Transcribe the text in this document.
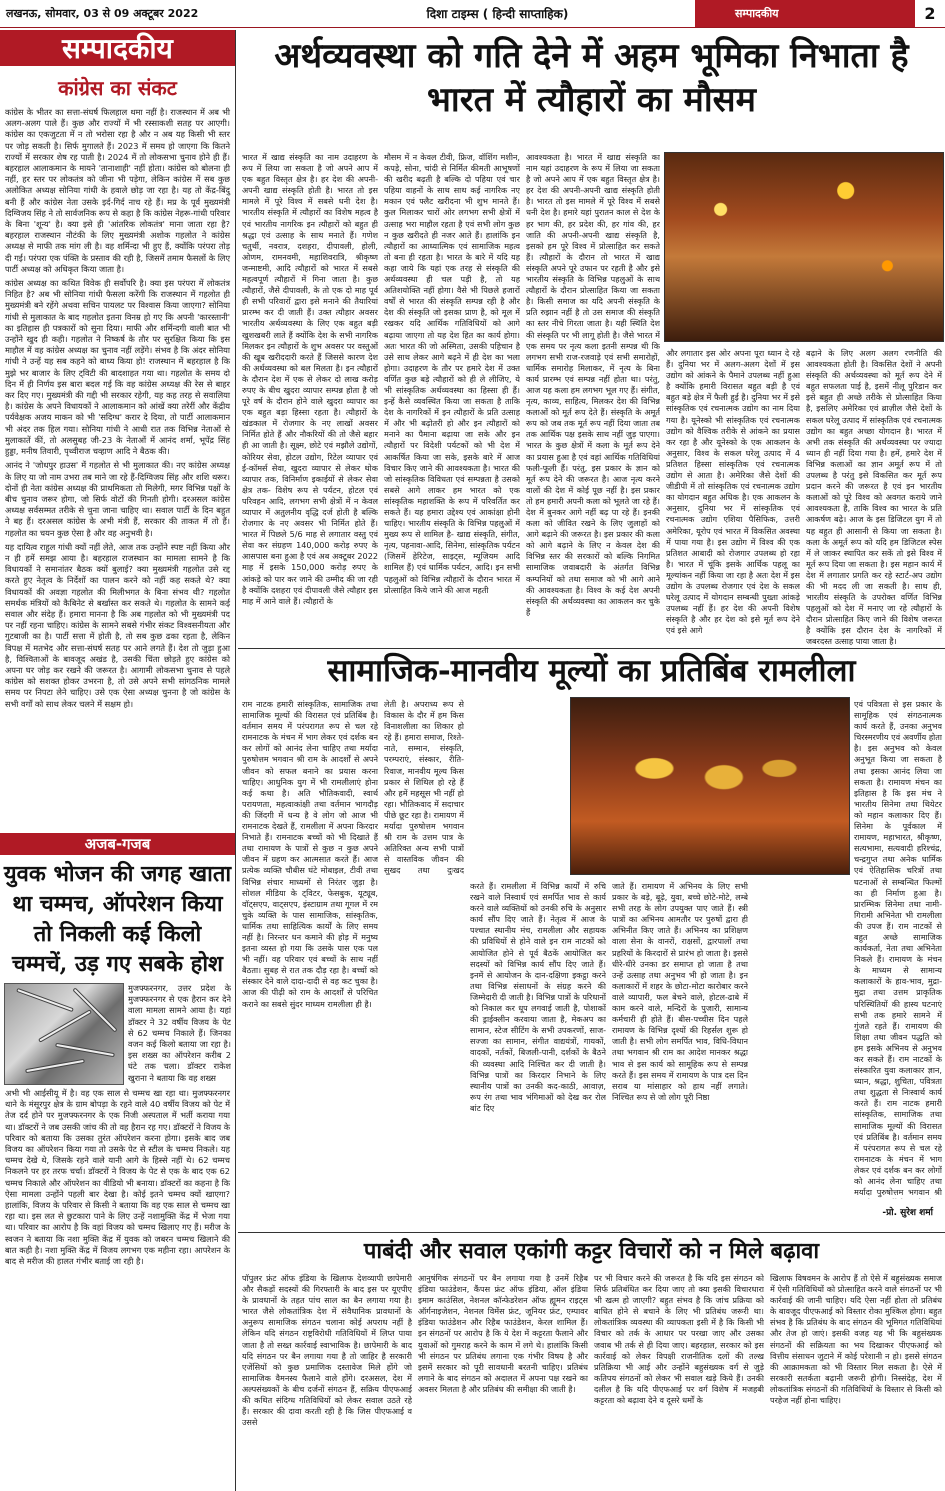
लखनऊ, सोमवार, 03 से 09 अक्टूबर 2022	दिशा टाइम्स ( हिन्दी साप्ताहिक)	सम्पादकीय	2
सम्पादकीय
कांग्रेस का संकट

कांग्रेस के भीतर का सत्ता-संघर्ष फिलहाल थमा नहीं है। राजस्थान में अब भी अलग-अलग पाले हैं। कुछ और राज्यों में भी रस्साकशी सतह पर आएगी। कांग्रेस का एकजुटता में न तो भरोसा रहा है और न अब यह किसी भी स्तर पर जोड़ सकती है। सिर्फ मुगालते हैं। 2023 में समय हो जाएगा कि कितने राज्यों में सरकार शेष रह पाती है। 2024 में तो लोकसभा चुनाव होने ही हैं। बहरहाल आलाकमान के मायने 'तानाशाही' नहीं होता। कांग्रेस को बोलना ही नहीं, हर स्तर पर लोकतंत्र को जीना भी पड़ेगा, लेकिन कांग्रेस में सब कुछ अलोकित अध्यक्ष सोनिया गांधी के हवाले छोड़ जा रहा है। यह तो केंद्र-बिंदु बनी हैं और कांग्रेस नेता उसके इर्द-गिर्द नाच रहे हैं। मप्र के पूर्व मुख्यमंत्री दिग्विजय सिंह ने तो सार्वजनिक रूप से कहा है कि कांग्रेस नेहरू-गांधी परिवार के बिना 'शून्य' है। क्या इसे ही 'आंतरिक लोकतंत्र' माना जाता रहा है? बहरहाल राजस्थान नौटंकी के लिए मुख्यमंत्री अशोक गहलोत ने कांग्रेस अध्यक्ष से माफी तक मांग ली है। वह शर्मिन्दा भी हुए हैं, क्योंकि परंपरा तोड़ दी गई। परंपरा एक पंक्ति के प्रस्ताव की रही है, जिसमें तमाम फैसलों के लिए पार्टी अध्यक्ष को अधिकृत किया जाता है।

कांग्रेस अध्यक्ष का कथित विवेक ही सर्वोपरि है। क्या इस परंपरा में लोकतंत्र निहित है? अब भी सोनिया गांधी फैसला करेंगी कि राजस्थान में गहलोत ही मुख्यमंत्री बने रहेंगे अथवा सचिन पायलट पर विश्वास किया जाएगा? सोनिया गांधी से मुलाकात के बाद गहलोत इतना विनम्र हो गए कि अपनी 'कारस्तानी' का इतिहास ही पत्रकारों को सुना दिया। माफी और शर्मिन्दगी वाली बात भी उन्होंने खुद ही कही। गहलोत ने निष्कर्ष के तौर पर सुरक्षित किया कि इस माहौल में वह कांग्रेस अध्यक्ष का चुनाव नहीं लड़ेंगे। संभव है कि अंदर सोनिया गांधी ने उन्हें यह सब कहने को बाध्य किया हो! राजस्थान में बहरहाल है कि मुझे भर बाजार के लिए ट्विटी की बादशाहत गया था। गहलोत के समय दो दिन में ही निर्णय इस बारा बदल गई कि वह कांग्रेस अध्यक्ष की रेस से बाहर कर दिए गए। मुख्यमंत्री की गद्दी भी सरकार रहेगी, यह कह तरह से सवालिया है। कांग्रेस के अपने विधायकों ने आलाकमान को आंखें क्या तरेरीं और केंद्रीय पर्यवेक्षक अजय माकन को भी 'सदिग्ध' करार दे दिया, तो पार्टी आलाकमान भी अंदर तक हिल गया। सोनिया गांधी ने आधी रात तक विभिन्न नेताओं से मुलाकातें कीं, तो अलसुबह जी-23 के नेताओं में आनंद शर्मा, भूपेंद्र सिंह हुड्डा, मनीष तिवारी, पृथ्वीराज चव्हाण आदि ने बैठक की।

आनंद ने 'जोधपुर हाउस' में गहलोत से भी मुलाकात की। नए कांग्रेस अध्यक्ष के लिए या जो नाम उभरा तब माने जा रहे हैं-दिग्विजय सिंह और शशि थरूर। दोनों ही नेता कांग्रेस अध्यक्ष की प्राथमिकता तो मिलेगी, मगर विभिन्न पक्षों के बीच चुनाव जरूर होगा, जो सिर्फ वोटों की गिनती होगी। दरअसल कांग्रेस अध्यक्ष सर्वसम्मत तरीके से चुना जाना चाहिए था। सवाल पार्टी के दिन बहुत ने बह हैं। दरअसल कांग्रेस के अभी मंत्री हैं, सरकार की ताकत में तो हैं। गहलोत का चयन कुछ ऐसा है और वह अनुभवी है।

यह दायित्व राहुल गांधी क्यों नहीं लेते, आज तक उन्होंने स्पष्ट नहीं किया और न ही हमें समझ आया है। बहरहाल राजस्थान का मामला सामने है कि विधायकों ने समानांतर बैठक क्यों बुलाई? क्या मुख्यमंत्री गहलोत उसे रद्द करते हुए नेतृत्व के निर्देशों का पालन करने को नहीं कह सकते थे? क्या विधायकों की अवज्ञा गहलोत की मिलीभगत के बिना संभव थी? गहलोत समर्थक मंत्रियों को कैबिनेट से बर्खास्त कर सकते थे। गहलोत के सामने कई सवाल और संदेह हैं। हमारा मानना है कि अब गहलोत को भी मुख्यमंत्री पद पर नहीं रहना चाहिए। कांग्रेस के सामने सबसे गंभीर संकट विश्वसनीयता और गुटबाजी का है। पार्टी सत्ता में होती है, तो सब कुछ ढका रहता है, लेकिन विपक्ष में मतभेद और सत्ता-संघर्ष सतह पर आने लगते हैं। देश तो जुड़ा हुआ है, विश्विताओं के बावजूद अखंड है, उसकी चिंता छोड़ते हुए कांग्रेस को अपना घर जोड़ कर रखने की जरूरत है। आगामी लोकसभा चुनाव से पहले कांग्रेस को सशक्त होकर उभरना है, तो उसे अपने सभी सांगठनिक मामले समय पर निपटा लेने चाहिए। उसे एक ऐसा अध्यक्ष चुनना है जो कांग्रेस के सभी वर्गों को साथ लेकर चलने में सक्षम हो।

अजब-गजब
युवक भोजन की जगह खाता था चम्मच, ऑपरेशन किया तो निकली कई किलो चम्मचें, उड़ गए सबके होश

मुजफ्फरनगर, उत्तर प्रदेश के मुजफ्फरनगर से एक हैरान कर देने वाला मामला सामने आया है। यहां डॉक्टर ने 32 वर्षीय विजय के पेट से 62 चम्मच निकाले हैं। जिनका वजन कई किलो बताया जा रहा है। इस शख्स का ऑपरेशन करीब 2 घंटे तक चला। डॉक्टर राकेश खुराना ने बताया कि वह शख्स

अभी भी आईसीयू में है। वह एक साल से चम्मच खा रहा था। मुजफ्फरनगर थाने के मंसूरपुर क्षेत्र के ग्राम बोपड़ा के रहने वाले 40 वर्षीय विजय को पेट में तेज दर्द होने पर मुजफ्फरनगर के एक निजी अस्पताल में भर्ती कराया गया था। डॉक्टरों ने जब उसकी जांच की तो वह हैरान रह गए। डॉक्टरों ने विजय के परिवार को बताया कि उसका तुरंत ऑपरेशन करना होगा। इसके बाद जब विजय का ऑपरेशन किया गया तो उसके पेट से स्टील के चम्मच निकले। यह चम्मच देखे थे, जिसके रहने वाले यानी आगे के हिस्से नहीं थे। 62 चम्मच निकलने पर हर तरफ चर्चा। डॉक्टरों ने विजय के पेट से एक के बाद एक 62 चम्मच निकाले और ऑपरेशन का वीडियो भी बनाया। डॉक्टरों का कहना है कि ऐसा मामला उन्होंने पहली बार देखा है। कोई इतने चम्मच क्यों खाएगा? हालांकि, विजय के परिवार से किसी ने बताया कि वह एक साल से चम्मच खा रहा था। इस लत से छुटकारा पाने के लिए उन्हें नशामुक्ति केंद्र में भेजा गया था। परिवार का आरोप है कि वहां विजय को चम्मच खिलाए गए हैं। मरीज के स्वजन ने बताया कि नशा मुक्ति केंद्र में युवक को जबरन चम्मच खिलाने की बात कही है। नशा मुक्ति केंद्र में विजय लगभग एक महीना रहा। आपरेशन के बाद से मरीज की हालत गंभीर बताई जा रही है।

अर्थव्यवस्था को गति देने में अहम भूमिका निभाता है
भारत में त्यौहारों का मौसम
भारत में खाद्य संस्कृति का नाम उदाहरण के रूप में लिया जा सकता है जो अपने आप में एक बहुत विस्तृत क्षेत्र है। हर देश की अपनी-अपनी खाद्य संस्कृति होती है। भारत तो इस मामले में पूरे विश्व में सबसे धनी देश है। भारतीय संस्कृति में त्यौहारों का विशेष महत्व है एवं भारतीय नागरिक इन त्यौहारों को बहुत ही श्रद्धा एवं उत्साह के साथ मनाते हैं। गणेश चतुर्थी, नवरात्र, दशहरा, दीपावली, होली, ओणम, रामनवमी, महाशिवरात्रि, श्रीकृष्ण जन्माष्टमी, आदि त्यौहारों को भारत में सबसे महत्वपूर्ण त्यौहारों में गिना जाता है। कुछ त्यौहारों, जैसे दीपावली, के तो एक दो माह पूर्व ही सभी परिवारों द्वारा इसे मनाने की तैयारियां प्रारम्भ कर दी जाती हैं। उक्त त्यौहार अवसर भारतीय अर्थव्यवस्था के लिए एक बहुत बड़ी खुशखबरी लाते हैं क्योंकि देश के सभी नागरिक मिलकर इन त्यौहारों के शुभ अवसर पर वस्तुओं की खूब खरीददारी करते हैं जिससे कारण देश की अर्थव्यवस्था को बल मिलता है। इन त्यौहारों के दौरान देश में एक से लेकर दो लाख करोड़ रुपए के बीच खुदरा व्यापार सम्पन्न होता है जो पूरे वर्ष के दौरान होने वाले खुदरा व्यापार का एक बहुत बड़ा हिस्सा रहता है। त्यौहारों के खंडकाल में रोजगार के नए लाखों अवसर निर्मित होते हैं और नौकरियों की तो जैसे बहार ही आ जाती है। सूक्ष्म, छोटे एवं मझौले उद्योगों, कोरियर सेवा, होटल उद्योग, रिटेल व्यापार एवं ई-कॉमर्स सेवा, खुदरा व्यापार से लेकर थोक व्यापार तक, विनिर्माण इकाईयों से लेकर सेवा क्षेत्र तक- विशेष रूप से पर्यटन, होटल एवं परिवहन आदि, लगभग सभी क्षेत्रों में न केवल व्यापार में अतुलनीय वृद्धि दर्ज होती है बल्कि रोजगार के नए अवसर भी निर्मित होते हैं। भारत में पिछले 5/6 माह से लगातार वस्तु एवं सेवा कर संग्रहण 140,000 करोड़ रुपए के आसपास बना हुआ है एवं अब अक्टूबर 2022 माह में इसके 150,000 करोड़ रुपए के आंकड़े को पार कर जाने की उम्मीद की जा रही है क्योंकि दशहरा एवं दीपावली जैसे त्यौहार इस माह में आने वाले हैं। त्यौहारों के
मौसम में न केवल टीवी, फ्रिज, वॉशिंग मशीन, कपड़े, सोना, चांदी से निर्मित कीमती आभूषणों की खरीद बढ़ती है बल्कि दो पहिया एवं चार पहिया वाहनों के साथ साथ कई नागरिक नए मकान एवं फ्लैट खरीदना भी शुभ मानते हैं। कुल मिलाकर चारों ओर लगभग सभी क्षेत्रों में उत्साह भरा माहौल रहता है एवं सभी लोग कुछ न कुछ खरीदते ही नजर आते हैं। हालांकि इन त्यौहारों का आध्यात्मिक एवं सामाजिक महत्व तो बना ही रहता है। भारत के बारे में यदि यह कहा जाये कि यहां एक तरह से संस्कृति की अर्थव्यवस्था ही चल पड़ी है, तो यह अतिशयोक्ति नहीं होगा। वैसे भी पिछले हजारों वर्षों से भारत की संस्कृति सम्पन्न रही है और देश की संस्कृति जो इसका प्राण है, को मूल में रखकर यदि आर्थिक गतिविधियों को आगे बढ़ाया जाएगा तो यह देश हित का कार्य होगा। अतः भारत की जो अस्मिता, उसकी पहिचान है उसे साथ लेकर आगे बढ़ने में ही देश का भला होगा। उदाहरण के तौर पर हमारे देश में उक्त वर्णित कुछ बड़े त्यौहारों को ही ले लीजिए, ये भी सांस्कृतिक अर्थव्यवस्था का हिस्सा ही हैं। इन्हें कैसे व्यवस्थित किया जा सकता है ताकि देश के नागरिकों में इन त्यौहारों के प्रति उत्साह में और भी बढ़ोतरी हो और इन त्यौहारों को मनाने का पैमाना बढ़ाया जा सके और इन त्यौहारों पर विदेशी पर्यटकों को भी देश में आकर्षित किया जा सके, इसके बारे में आज विचार किए जाने की आवश्यकता है। भारत की जो सांस्कृतिक विविधता एवं सम्पन्नता है उसको सबसे आगे लाकर हम भारत को एक सांस्कृतिक महाशक्ति के रूप में परिवर्तित कर सकते हैं। यह हमारा उद्देश्य एवं आकांक्षा होनी चाहिए। भारतीय संस्कृति के विभिन्न पहलुओं में मुख्य रूप से शामिल है- खाद्य संस्कृति, संगीत, नृत्य, पहनावा-आदि, सिनेमा, सांस्कृतिक पर्यटन (जिसमें हेरिटेज, साइट्स, म्यूजियम आदि शामिल हैं) एवं धार्मिक पर्यटन, आदि। इन सभी पहलुओं को विभिन्न त्यौहारों के दौरान भारत में प्रोत्साहित किये जाने की आज महती
आवश्यकता है। भारत में खाद्य संस्कृति का नाम यहां उदाहरण के रूप में लिया जा सकता है जो अपने आप में एक बहुत विस्तृत क्षेत्र है। हर देश की अपनी-अपनी खाद्य संस्कृति होती है। भारत तो इस मामले में पूरे विश्व में सबसे धनी देश है। हमारे यहां पुरातन काल से देश के हर भाग की, हर प्रदेश की, हर गांव की, हर जाति की अपनी-अपनी खाद्य संस्कृति है, इसको हम पूरे विश्व में प्रोत्साहित कर सकते हैं। त्यौहारों के दौरान तो भारत में खाद्य संस्कृति अपने पूरे उफान पर रहती है और इसे भारतीय संस्कृति के विभिन्न पहलुओं के साथ त्यौहारों के दौरान प्रोत्साहित किया जा सकता है। किसी समाज का यदि अपनी संस्कृति के प्रति रुझान नहीं है तो उस समाज की संस्कृति का स्तर नीचे गिरता जाता है। यही स्थिति देश की संस्कृति पर भी लागू होती है। जैसे भारत में एक समय पर नृत्य कला इतनी सम्पन्न थी कि लगभग सभी राज-रजवाड़े एवं सभी समारोहों, धार्मिक समारोह मिलाकर, में नृत्य के बिना कार्य प्रारम्भ एवं सम्पन्न नहीं होता था। परंतु, आज यह कला हम लगभग भूल गए हैं। संगीत, नृत्य, काव्य, साहित्य, मिलकर देश की विभिन्न कलाओं को मूर्त रूप देते हैं। संस्कृति के अमूर्त रूप को जब तक मूर्त रूप नहीं दिया जाता तब तक आर्थिक पक्ष इसके साथ नहीं जुड़ पाएगा। भारत के कुछ क्षेत्रों में कला के मूर्त रूप देने का प्रयास हुआ है एवं वहां आर्थिक गतिविधियां फली-फूली हैं। परंतु, इस प्रकार के ज्ञान को मूर्त रूप देने की जरूरत है। आज नृत्य करने वालों की देश में कोई पूछ नहीं है। इस प्रकार तो हम हमारी अपनी कला को भूलते जा रहे हैं। देश में बुनकर आगे नहीं बढ़ पा रहे हैं। इनकी कला को जीवित रखने के लिए जुलाहों को आगे बढ़ाने की जरूरत है। इस प्रकार की कला को आगे बढ़ाने के लिए न केवल देश की विभिन्न स्तर की सरकारों को बल्कि निगमित सामाजिक जवाबदारी के अंतर्गत विभिन्न कम्पनियों को तथा समाज को भी आगे आने की आवश्यकता है। विश्व के कई देश अपनी संस्कृति की अर्थव्यवस्था का आकलन कर चुके हैं
और लगातार इस ओर अपना पूरा ध्यान दे रहे हैं। दुनिया भर में अलग-अलग देशों में इस उद्योग को आंकने के पैमाने उपलब्ध नहीं हुआ है क्योंकि हमारी विरासत बहुत बड़ी है एवं बहुत बड़े क्षेत्र में फैली हुई है। दुनिया भर में इसे सांस्कृतिक एवं रचनात्मक उद्योग का नाम दिया गया है। यूनेस्को भी सांस्कृतिक एवं रचनात्मक उद्योग को वैश्विक तरीके से आंकने का प्रयास कर रहा है और यूनेस्को के एक आकलन के अनुसार, विश्व के सकल घरेलू उत्पाद में 4 प्रतिशत हिस्सा सांस्कृतिक एवं रचनात्मक उद्योग से आता है। अमेरिका जैसे देशों की जीडीपी में तो सांस्कृतिक एवं रचनात्मक उद्योग का योगदान बहुत अधिक है। एक आकलन के अनुसार, दुनिया भर में सांस्कृतिक एवं रचनात्मक उद्योग एशिया पैसिफिक, उत्तरी अमेरिका, यूरोप एवं भारत में विकसित अवस्था में पाया गया है। इस उद्योग में विश्व की एक प्रतिशत आबादी को रोजगार उपलब्ध हो रहा है। भारत में चूंकि इसके आर्थिक पहलू का मूल्यांकन नहीं किया जा रहा है अतः देश में इस उद्योग के उपलब्ध रोजगार एवं देश के सकल घरेलू उत्पाद में योगदान सम्बन्धी पुख्ता आंकड़े उपलब्ध नहीं हैं। हर देश की अपनी विशेष संस्कृति है और हर देश को इसे मूर्त रूप देने एवं इसे आगे
बढ़ाने के लिए अलग अलग रणनीति की आवश्यकता होती है। विकसित देशों ने अपनी संस्कृति की अर्थव्यवस्था को मूर्त रूप देने में बहुत सफलता पाई है, इसमें नीलू पुरिडान कर इसे बहुत ही अच्छे तरीके से प्रोत्साहित किया है, इसलिए अमेरिका एवं ब्राज़ील जैसे देशों के सकल घरेलू उत्पाद में सांस्कृतिक एवं रचनात्मक उद्योग का बहुत अच्छा योगदान है। भारत में अभी तक संस्कृति की अर्थव्यवस्था पर ज्यादा ध्यान ही नहीं दिया गया है। हमें, हमारे देश में विभिन्न कलाओं का ज्ञान अमूर्त रूप में तो उपलब्ध है परंतु इसे विकसित कर मूर्त रूप प्रदान करने की जरूरत है एवं इन भारतीय कलाओं को पूरे विश्व को अवगत कराये जाने आवश्यकता है, ताकि विश्व का भारत के प्रति आकर्षण बढ़े। आज के इस डिजिटल युग में तो यह बहुत ही आसानी से किया जा सकता है। कला के अमूर्त रूप को यदि हम डिजिटल स्पेस में ले जाकर स्थापित कर सकें तो इसे विश्व में मूर्त रूप दिया जा सकता है। इस महान कार्य में देश में लगातार प्रगति कर रहे स्टार्ट-अप उद्योग की भी मदद ली जा सकती है। साथ ही, भारतीय संस्कृति के उपरोक्त वर्णित विभिन्न पहलुओं को देश में मनाए जा रहे त्यौहारों के दौरान प्रोत्साहित किए जाने की विशेष जरूरत है क्योंकि इस दौरान देश के नागरिकों में जबरदस्त उत्साह पाया जाता है।
सामाजिक-मानवीय मूल्यों का प्रतिबिंब रामलीला
राम नाटक हमारी सांस्कृतिक, सामाजिक तथा सामाजिक मूल्यों की विरासत एवं प्रतिबिंब है। वर्तमान समय में परंपरागत रूप से चल रहे रामनाटक के मंचन में भाग लेकर एवं दर्शक बन कर लोगों को आनंद लेना चाहिए तथा मर्यादा पुरुषोत्तम भगवान श्री राम के आदर्शों से अपने जीवन को सफल बनाने का प्रयास करना चाहिए। आधुनिक युग में भी रामलीलाएं होना कई कथा है। अति भौतिकवादी, स्वार्थ परायणता, महत्वाकांक्षी तथा वर्तमान भागदौड़ की जिंदगी में धन्य है वे लोग जो आज भी रामनाटक देखते हैं, रामलीला में अपना किरदार निभाते हैं। रामनाटक बच्चों को भी दिखाते हैं तथा रामायण के पात्रों से कुछ न कुछ अपने जीवन में ग्रहण कर आत्मसात करते हैं। आज प्रत्येक व्यक्ति चौबीस घंटे मोबाइल, टीवी तथा विभिन्न संचार माध्यमों से निरंतर जुड़ा है। सोशल मीडिया के ट्विटर, फेसबुक, यूट्यूब, वॉट्सएप, वाट्सएप, इंस्टाग्राम तथा गूगल में रम चुके व्यक्ति के पास सामाजिक, सांस्कृतिक, धार्मिक तथा साहित्यिक कार्यों के लिए समय नहीं है। निरन्तर धन कमाने की होड़ में मनुष्य इतना व्यस्त हो गया कि उसके पास एक पल भी नहीं। वह परिवार एवं बच्चों के साथ नहीं बैठता। सुबह से रात तक दौड़ रहा है। बच्चों को संस्कार देने वाले दादा-दादी से वह कट चुका है। आज की पीढ़ी को राम के आदर्शों से परिचित कराने का सबसे सुंदर माध्यम रामलीला ही है।
लेती है। अपराध्य रूप से विकास के दौर में हम किस विनाशलीला का शिकार हो रहे हैं। हमारा समाज, रिश्ते-नाते, सम्मान, संस्कृति, परम्पराएं, संस्कार, रीति-रिवाज, मानवीय मूल्य किस प्रकार से शिथिल हो रहे हैं और हमें महसूस भी नहीं हो रहा। भौतिकवाद में सदाचार पीछे छूट रहा है। रामायण में मर्यादा पुरुषोत्तम भगवान श्री राम के उत्तम पात्र के अतिरिक्त अन्य सभी पात्रों से वास्तविक जीवन की सुखद तथा दुःखद
करते हैं। रामलीला में विभिन्न कार्यों में रुचि रखने वाले निस्वार्थ एवं समर्पित भाव से कार्य करने वाले व्यक्तियों को उनकी रुचि के अनुसार कार्य सौंप दिए जाते हैं। नेतृत्व में आज के पश्चात स्थानीय मंच, रामलीला और सहायक की प्रविधियों से होने वाले इन राम नाटकों को आयोजित होने से पूर्व बैठकें आयोजित कर सदस्यों को विभिन्न कार्य सौंप दिए जाते हैं। इनमें से आयोजन के दान-दक्षिणा इकट्ठा करने तथा विभिन्न संसाधनों के संग्रह करने की जिम्मेदारी दी जाती है। विभिन्न पात्रों के परिधानों को निकाल कर धूप लगवाई जाती है, पोशाकों की ड्राईक्लीन करवाया जाता है, मेकअप का सामान, स्टेज सीटिंग के सभी उपकरणों, साज-सज्जा का सामान, संगीत वाद्ययंत्रों, गायकों, वादकों, नर्तकों, बिजली-पानी, दर्शकों के बैठने की व्यवस्था आदि निश्चित कर दी जाती है। विभिन्न पात्रों का किरदार निभाने के लिए स्थानीय पात्रों का उनकी कद-काठी, आवाज़, रूप रंग तथा भाव भंगिमाओं को देख कर रोल बांट दिए
जाते हैं। रामायण में अभिनय के लिए सभी प्रकार के बड़े, बूढ़े, युवा, बच्चे छोटे-मोटे, लम्बे सभी तरह के लोग उपयुक्त पाए जाते हैं। स्त्री पात्रों का अभिनय आमतौर पर पुरुषों द्वारा ही अभिनीत किए जाते हैं। अभिनय का प्रशिक्षण वाला सेना के वानरों, राक्षसों, द्वारपालों तथा प्रहरियों के किरदारों से प्रारंभ हो जाता है। इससे धीरे-धीरे उनका डर समाप्त हो जाता है तथा उन्हें उत्साह तथा अनुभव भी हो जाता है। इन कलाकारों में शहर के छोटा-मोटा कारोबार करने वाले व्यापारी, फल बेचने वाले, होटल-ढाबे में काम करने वाले, मन्दिरों के पुजारी, सामान्य कर्मचारी ही होते हैं। बीस-पच्चीस दिन पहले रामायण के विभिन्न दृश्यों की रिहर्सल शुरू हो जाती है। सभी लोग समर्पित भाव, विधि-विधान तथा भगवान श्री राम का आदेश मानकर श्रद्धा भाव से इस कार्य को सामूहिक रूप से सम्पन्न करते हैं। इस समय में रामायण के पात्र दस दिन सराब या मांसाहार को हाथ नहीं लगाते। निश्चित रूप से जो लोग पूरी निष्ठा
एवं पवित्रता से इस प्रकार के सामूहिक एवं संगठनात्मक कार्य करते हैं, उनका अनुभव चिरस्मरणीय एवं अवर्णीय होता है। इस अनुभव को केवल अनुभूत किया जा सकता है तथा इसका आनंद लिया जा सकता है। रामायण मंचन का इतिहास है कि इस मंच ने भारतीय सिनेमा तथा थियेटर को महान कलाकार दिए हैं। सिनेमा के पूर्वकाल में रामायण, महाभारत, श्रीकृष्ण, सत्यभामा, सत्यवादी हरिश्चंद्र, चन्द्रगुप्त तथा अनेक धार्मिक एवं ऐतिहासिक चरित्रों तथा घटनाओं से सम्बन्धित फिल्मों का ही निर्माण हुआ है। प्रारम्भिक सिनेमा तथा नामी-गिरामी अभिनेता भी रामलीला की उपज हैं। राम नाटकों से बहुत अच्छे सामाजिक कार्यकर्ता, नेता तथा अभिनेता निकले हैं। रामायण के मंचन के माध्यम से सामान्य कलाकारों के हाव-भाव, मुद्रा-मुद्रा तथा उत्तम प्राकृतिक परिस्थितियों की हास्य घटनाएं सभी तक हमारे सामने में गुंजते रहते हैं। रामायण की शिक्षा तथा जीवन पद्धति को हम इसके अभिनय से अनुभव कर सकते हैं। राम नाटकों के संस्कारित युवा कलाकार ज्ञान, ध्यान, श्रद्धा, शुचिता, पवित्रता तथा शुद्धता से निःस्वार्थ कार्य करते हैं। राम नाटक हमारी सांस्कृतिक, सामाजिक तथा सामाजिक मूल्यों की विरासत एवं प्रतिबिंब है। वर्तमान समय में परंपरागत रूप से चल रहे रामनाटक के मंचन में भाग लेकर एवं दर्शक बन कर लोगों को आनंद लेना चाहिए तथा मर्यादा पुरुषोत्तम भगवान श्री
-प्रो. सुरेश शर्मा
पाबंदी और सवाल एकांगी कट्टर विचारों को न मिले बढ़ावा
पॉपुलर फ्रंट ऑफ इंडिया के खिलाफ देशव्यापी छापेमारी और सैकड़ों सदस्यों की गिरफ्तारी के बाद इस पर यूएपीए के प्रावधानों के तहत पांच साल का बैन लगाया गया है। भारत जैसे लोकतांत्रिक देश में संवैधानिक प्रावधानों के अनुरूप सामाजिक संगठन चलाना कोई अपराध नहीं है लेकिन यदि संगठन राष्ट्रविरोधी गतिविधियों में लिप्त पाया जाता है तो सख्त कार्रवाई स्वाभाविक है। छापेमारी के बाद यदि संगठन पर बैन लगाया गया है तो जाहिर है सरकारी एजेंसियों को कुछ प्रमाणिक दस्तावेज मिले होंगे जो सामाजिक वैमनस्य फैलाने वाले होंगे। दरअसल, देश में अल्पसंख्यकों के बीच दर्जनों संगठन हैं, सक्रिय पीएफआई की कथित संदिग्ध गतिविधियों को लेकर सवाल उठते रहे हैं। सरकार की दावा करती रही है कि जिस पीएफआई व उससे
आनुषंगिक संगठनों पर बैन लगाया गया है उनमें रिहैब इंडिया फाउंडेशन, कैंपस फ्रंट ऑफ इंडिया, ऑल इंडिया इमाम काउंसिल, नेशनल कॉन्फेडरेशन ऑफ ह्यूमन राइट्स ऑर्गनाइजेशन, नेशनल विमेंस फ्रंट, जूनियर फ्रंट, एम्पावर इंडिया फाउंडेशन और रिहैब फाउंडेशन, केरल शामिल हैं। इन संगठनों पर आरोप है कि ये देश में कट्टरता फैलाने और युवाओं को गुमराह करने के काम में लगे थे। हालांकि किसी भी संगठन पर प्रतिबंध लगाना एक गंभीर विषय है और इसमें सरकार को पूरी सावधानी बरतनी चाहिए। प्रतिबंध लगाने के बाद संगठन को अदालत में अपना पक्ष रखने का अवसर मिलता है और प्रतिबंध की समीक्षा की जाती है।
पर भी विचार करने की जरूरत है कि यदि इस संगठन को सिर्फ प्रतिबंधित कर दिया जाए तो क्या इसकी विचारधारा भी खत्म हो जाएगी? बहुत संभव है कि जांच प्रक्रिया को बाधित होने से बचाने के लिए भी प्रतिबंध जरूरी था। लोकतांत्रिक व्यवस्था की व्यापकता इसी में है कि किसी भी विचार को तर्क के आधार पर परखा जाए और उसका जवाब भी तर्क से ही दिया जाए। बहरहाल, सरकार को इस कार्रवाई को लेकर विपक्षी राजनीतिक दलों की तल्ख प्रतिक्रिया भी आई और उन्होंने बहुसंख्यक वर्ग से जुड़े कतिपय संगठनों को लेकर भी सवाल खड़े किये हैं। उनकी दलील है कि यदि पीएफआई पर वर्ग विशेष में मजहबी कट्टरता को बढ़ावा देने व दूसरे धर्मों के
खिलाफ विषवमन के आरोप हैं तो ऐसे में बहुसंख्यक समाज में ऐसी गतिविधियों को प्रोत्साहित करने वाले संगठनों पर भी कार्रवाई की जानी चाहिए। यदि ऐसा नहीं होता तो प्रतिबंध के बावजूद पीएफआई को विस्तार रोका मुश्किल होगा। बहुत संभव है कि प्रतिबंध के बाद संगठन की भूमिगत गतिविधियां और तेज हो जाएं। इसकी वजह यह भी कि बहुसंख्यक संगठनों की सक्रियता का भय दिखाकर पीएफआई को वित्तीय संसाधन जुटाने में कोई परेशानी न हो। इससे संगठन की आक्रामकता को भी विस्तार मिल सकता है। ऐसे में सरकारी सतर्कता बढ़ानी जरूरी होगी। निस्संदेह, देश में लोकतांत्रिक संगठनों की गतिविधियों के विस्तार से किसी को परहेज नहीं होना चाहिए।
